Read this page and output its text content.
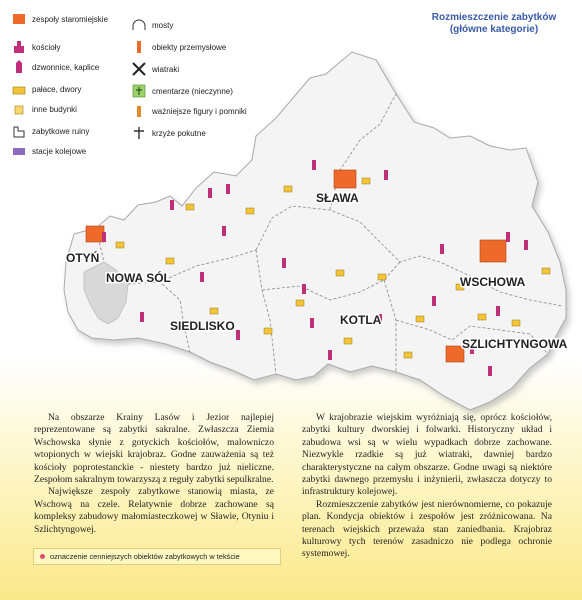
Rozmieszczenie zabytków
(główne kategorie)
OTYŃ
NOWA SÓL
SIEDLISKO
SŁAWA
KOTLA
WSCHOWA
SZLICHTYNGOWA
zespoły staromiejskie
kościoły
dzwonnice, kaplice
pałace, dwory
inne budynki
zabytkowe ruiny
stacje kolejowe
mosty
obiekty przemysłowe
wiatraki
cmentarze (nieczynne)
ważniejsze figury i pomniki
krzyże pokutne

Na obszarze Krainy Lasów i Jezior najlepiej reprezentowane są zabytki sakralne. Zwłaszcza Ziemia Wschowska słynie z gotyckich kościołów, malowniczo wtopionych w wiejski krajobraz. Godne zauważenia są też kościoły poprotestanckie - niestety bardzo już nieliczne. Zespołom sakralnym towarzyszą z reguły zabytki sepulkralne.

Największe zespoły zabytkowe stanowią miasta, ze Wschową na czele. Relatywnie dobrze zachowane są kompleksy zabudowy małomiasteczkowej w Sławie, Otyniu i Szlichtyngowej.

oznaczenie cenniejszych obiektów zabytkowych w tekście

W krajobrazie wiejskim wyróżniają się, oprócz kościołów, zabytki kultury dworskiej i folwarki. Historyczny układ i zabudowa wsi są w wielu wypadkach dobrze zachowane. Niezwykle rzadkie są już wiatraki, dawniej bardzo charakterystyczne na całym obszarze. Godne uwagi są niektóre zabytki dawnego przemysłu i inżynierii, zwłaszcza dotyczy to infrastruktury kolejowej.

Rozmieszczenie zabytków jest nierównomierne, co pokazuje plan. Kondycja obiektów i zespołów jest zróżnicowana. Na terenach wiejskich przeważa stan zaniedbania. Krajobraz kulturowy tych terenów zasadniczo nie podlega ochronie systemowej.
